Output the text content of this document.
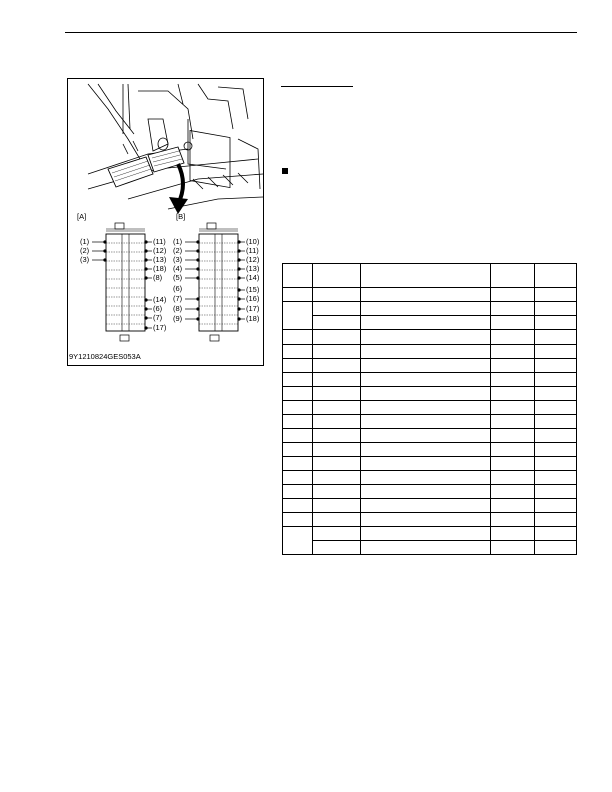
[A]	[B]
(1)
(2)
(3)
(11)
(12)
(13)
(18)
(8)
(14)
(6)
(7)
(17)
(1)
(2)
(3)
(4)
(5)
(6)
(7)
(8)
(9)
(10)
(11)
(12)
(13)
(14)
(15)
(16)
(17)
(18)
9Y1210824GES053A
